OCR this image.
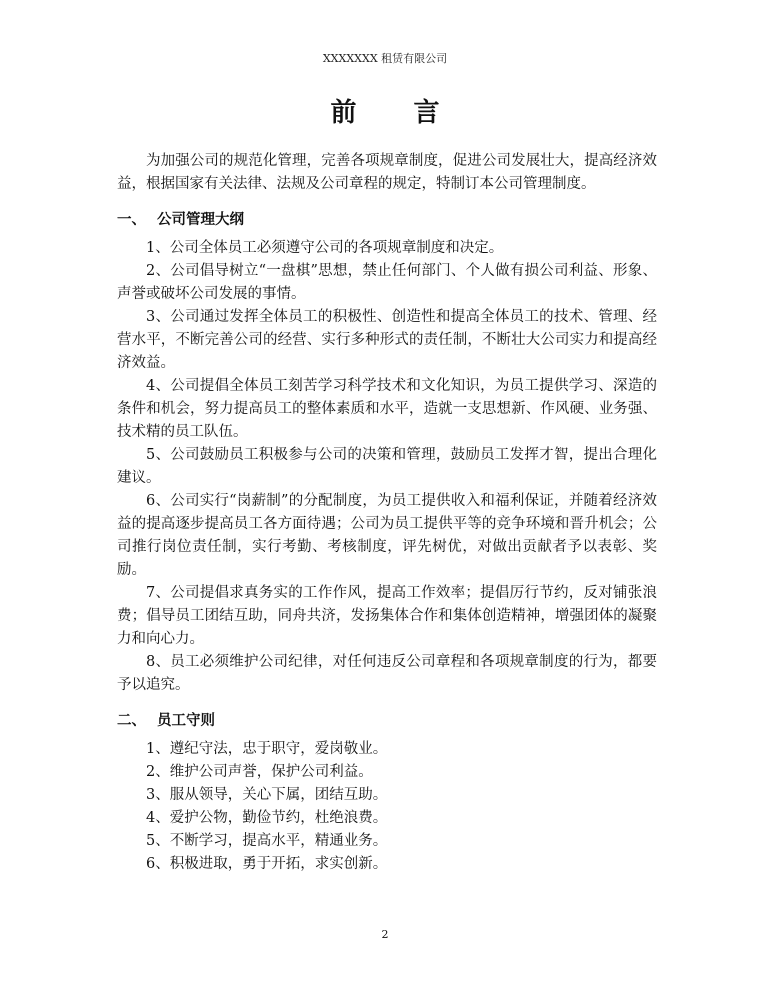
XXXXXXX 租赁有限公司
前 言

为加强公司的规范化管理，完善各项规章制度，促进公司发展壮大，提高经济效益，根据国家有关法律、法规及公司章程的规定，特制订本公司管理制度。

一、 公司管理大纲

1、公司全体员工必须遵守公司的各项规章制度和决定。

2、公司倡导树立“一盘棋”思想，禁止任何部门、个人做有损公司利益、形象、声誉或破坏公司发展的事情。

3、公司通过发挥全体员工的积极性、创造性和提高全体员工的技术、管理、经营水平，不断完善公司的经营、实行多种形式的责任制，不断壮大公司实力和提高经济效益。

4、公司提倡全体员工刻苦学习科学技术和文化知识，为员工提供学习、深造的　　条件和机会，努力提高员工的整体素质和水平，造就一支思想新、作风硬、业务强、技术精的员工队伍。

5、公司鼓励员工积极参与公司的决策和管理，鼓励员工发挥才智，提出合理化建议。

6、公司实行“岗薪制”的分配制度，为员工提供收入和福利保证，并随着经济效益的提高逐步提高员工各方面待遇；公司为员工提供平等的竞争环境和晋升机会；公司推行岗位责任制，实行考勤、考核制度，评先树优，对做出贡献者予以表彰、奖励。

7、公司提倡求真务实的工作作风，提高工作效率；提倡厉行节约，反对铺张浪费；倡导员工团结互助，同舟共济，发扬集体合作和集体创造精神，增强团体的凝聚力和向心力。

8、员工必须维护公司纪律，对任何违反公司章程和各项规章制度的行为，都要予以追究。

二、 员工守则

1、遵纪守法，忠于职守，爱岗敬业。

2、维护公司声誉，保护公司利益。

3、服从领导，关心下属，团结互助。

4、爱护公物，勤俭节约，杜绝浪费。

5、不断学习，提高水平，精通业务。

6、积极进取，勇于开拓，求实创新。

2
